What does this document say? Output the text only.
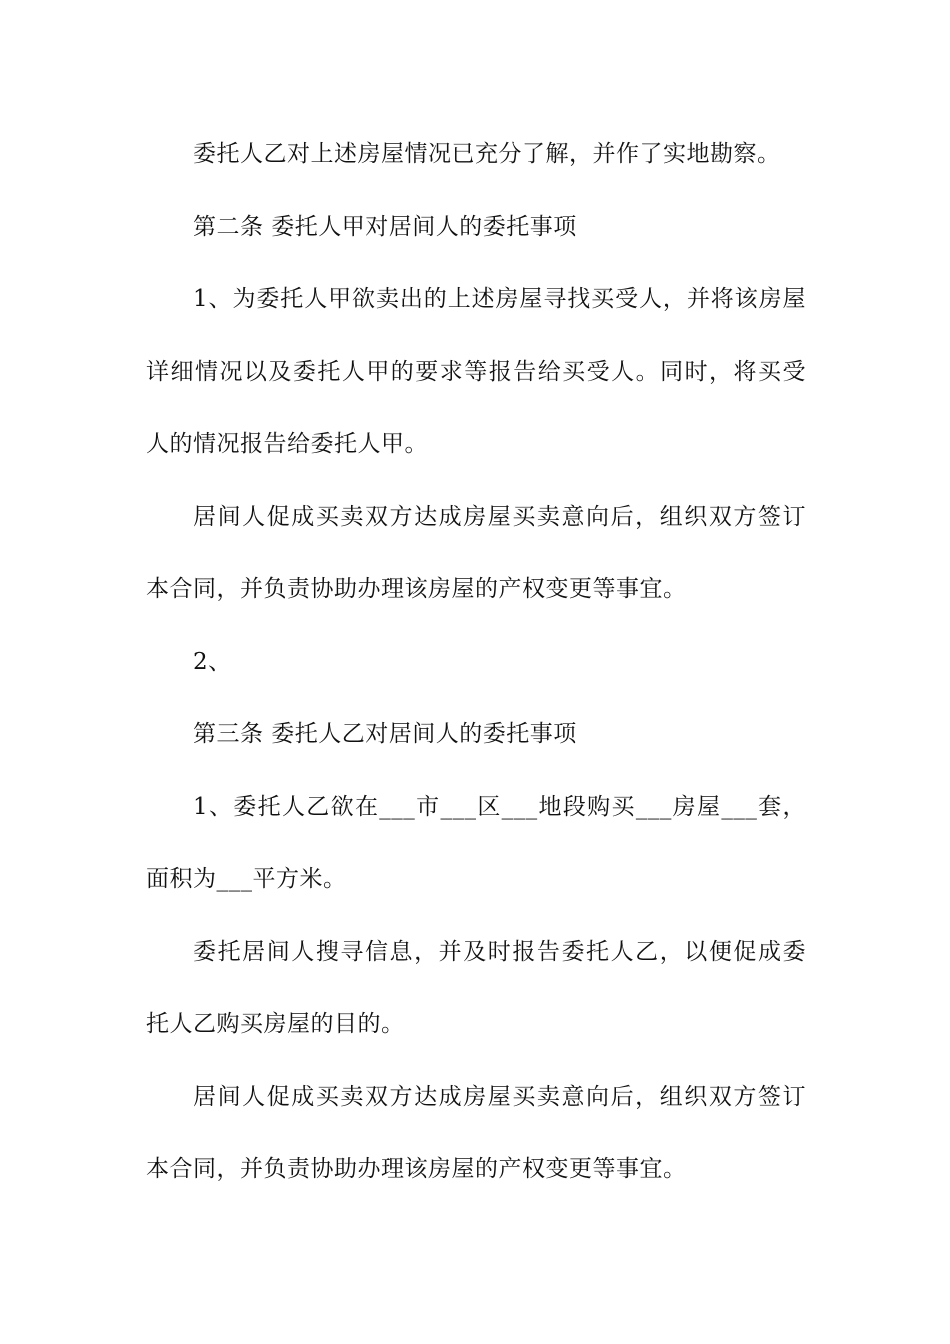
委托人乙对上述房屋情况已充分了解，并作了实地勘察。
第二条 委托人甲对居间人的委托事项
1、为委托人甲欲卖出的上述房屋寻找买受人，并将该房屋
详细情况以及委托人甲的要求等报告给买受人。同时，将买受
人的情况报告给委托人甲。
居间人促成买卖双方达成房屋买卖意向后，组织双方签订
本合同，并负责协助办理该房屋的产权变更等事宜。
2、
第三条 委托人乙对居间人的委托事项
1、委托人乙欲在___市___区___地段购买___房屋___套，
面积为___平方米。
委托居间人搜寻信息，并及时报告委托人乙，以便促成委
托人乙购买房屋的目的。
居间人促成买卖双方达成房屋买卖意向后，组织双方签订
本合同，并负责协助办理该房屋的产权变更等事宜。
